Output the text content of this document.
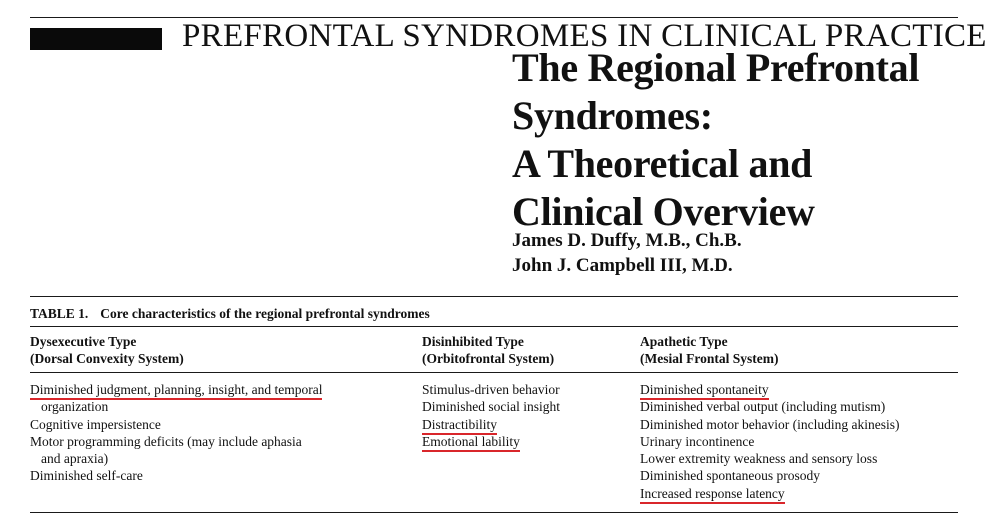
PREFRONTAL SYNDROMES IN CLINICAL PRACTICE
The Regional Prefrontal
Syndromes:
A Theoretical and
Clinical Overview
James D. Duffy, M.B., Ch.B.
John J. Campbell III, M.D.
TABLE 1. Core characteristics of the regional prefrontal syndromes
Dysexecutive Type
(Dorsal Convexity System)
Diminished judgment, planning, insight, and temporal
organization
Cognitive impersistence
Motor programming deficits (may include aphasia
and apraxia)
Diminished self-care
Disinhibited Type
(Orbitofrontal System)
Stimulus-driven behavior
Diminished social insight
Distractibility
Emotional lability
Apathetic Type
(Mesial Frontal System)
Diminished spontaneity
Diminished verbal output (including mutism)
Diminished motor behavior (including akinesis)
Urinary incontinence
Lower extremity weakness and sensory loss
Diminished spontaneous prosody
Increased response latency
